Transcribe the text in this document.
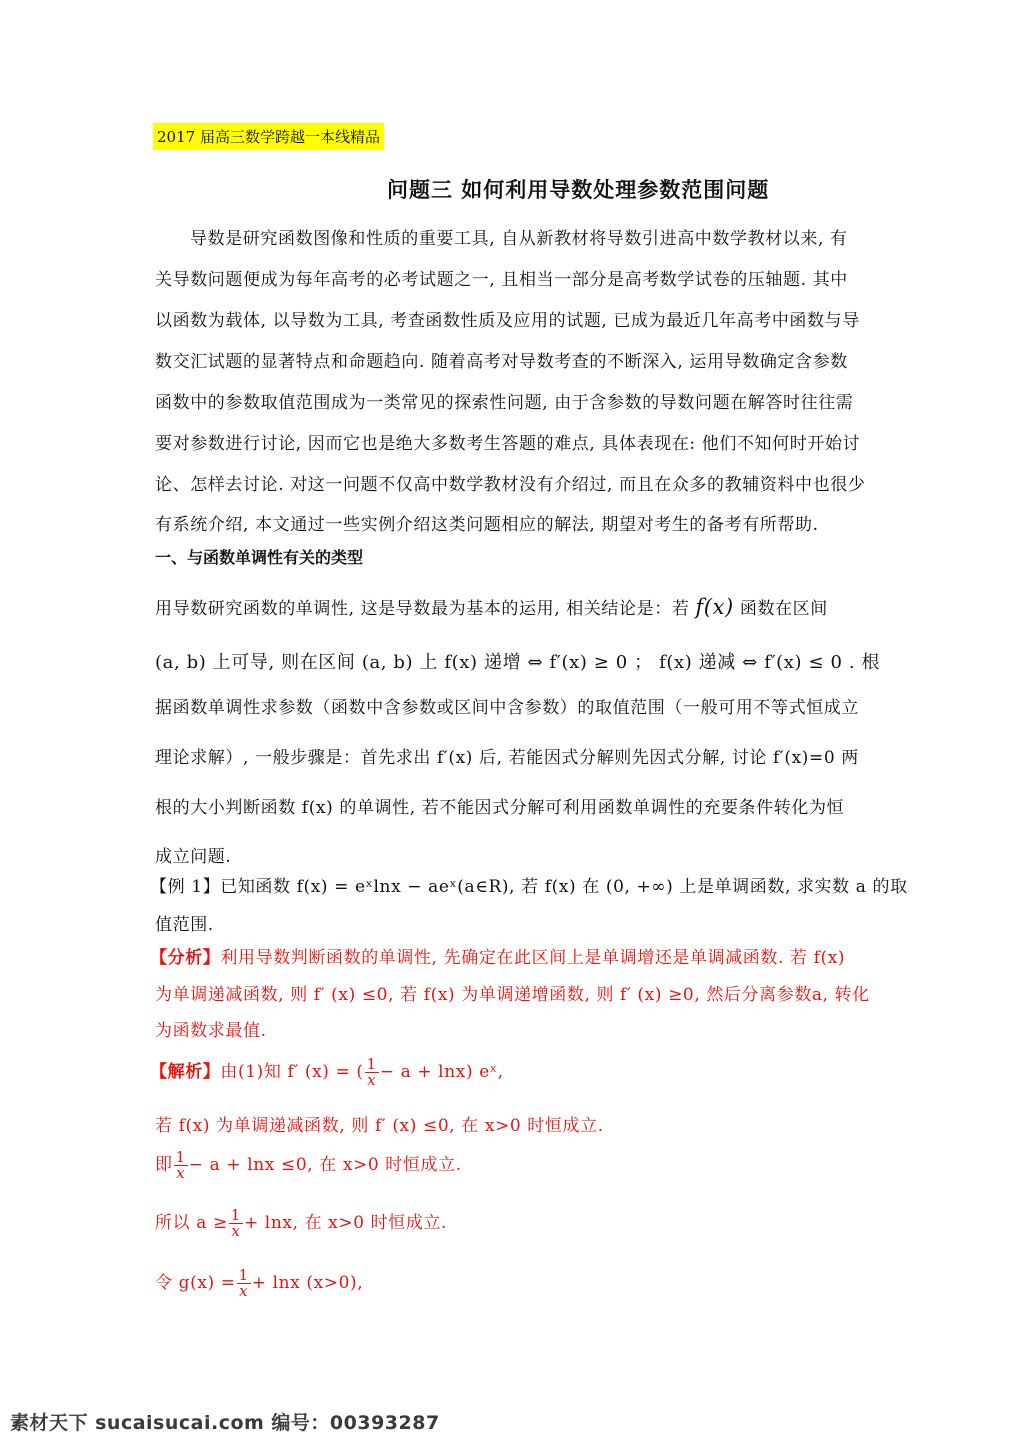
2017 届高三数学跨越一本线精品
问题三 如何利用导数处理参数范围问题
导数是研究函数图像和性质的重要工具, 自从新教材将导数引进高中数学教材以来, 有
关导数问题便成为每年高考的必考试题之一, 且相当一部分是高考数学试卷的压轴题. 其中
以函数为载体, 以导数为工具, 考查函数性质及应用的试题, 已成为最近几年高考中函数与导
数交汇试题的显著特点和命题趋向. 随着高考对导数考查的不断深入, 运用导数确定含参数
函数中的参数取值范围成为一类常见的探索性问题, 由于含参数的导数问题在解答时往往需
要对参数进行讨论, 因而它也是绝大多数考生答题的难点, 具体表现在: 他们不知何时开始讨
论、怎样去讨论. 对这一问题不仅高中数学教材没有介绍过, 而且在众多的教辅资料中也很少
有系统介绍, 本文通过一些实例介绍这类问题相应的解法, 期望对考生的备考有所帮助.
一、与函数单调性有关的类型
用导数研究函数的单调性, 这是导数最为基本的运用, 相关结论是：若 f(x) 函数在区间
(a, b) 上可导, 则在区间 (a, b) 上 f(x) 递增 ⇔ f′(x) ≥ 0 ； f(x) 递减 ⇔ f′(x) ≤ 0 . 根
据函数单调性求参数（函数中含参数或区间中含参数）的取值范围（一般可用不等式恒成立
理论求解）, 一般步骤是：首先求出 f′(x) 后, 若能因式分解则先因式分解, 讨论 f′(x)=0 两
根的大小判断函数 f(x) 的单调性, 若不能因式分解可利用函数单调性的充要条件转化为恒
成立问题.
【例 1】已知函数 f(x) = eˣlnx − aeˣ(a∈R), 若 f(x) 在 (0, +∞) 上是单调函数, 求实数 a 的取
值范围.
【分析】利用导数判断函数的单调性, 先确定在此区间上是单调增还是单调减函数. 若 f(x)
为单调递减函数, 则 f′ (x) ≤0, 若 f(x) 为单调递增函数, 则 f′ (x) ≥0, 然后分离参数a, 转化
为函数求最值.
【解析】由(1)知 f′ (x) = ( $\frac{1}{x} - a + \ln x$) eˣ,
若 f(x) 为单调递减函数, 则 f′ (x) ≤0, 在 x>0 时恒成立.
即 $\frac{1}{x} - a + \ln x \le 0$, 在 x>0 时恒成立.
所以 $a \ge \frac{1}{x} + \ln x$, 在 x>0 时恒成立.
令 $g(x) = \frac{1}{x} + \ln x$ (x>0),
素材天下 sucaisucai.com 编号：00393287
